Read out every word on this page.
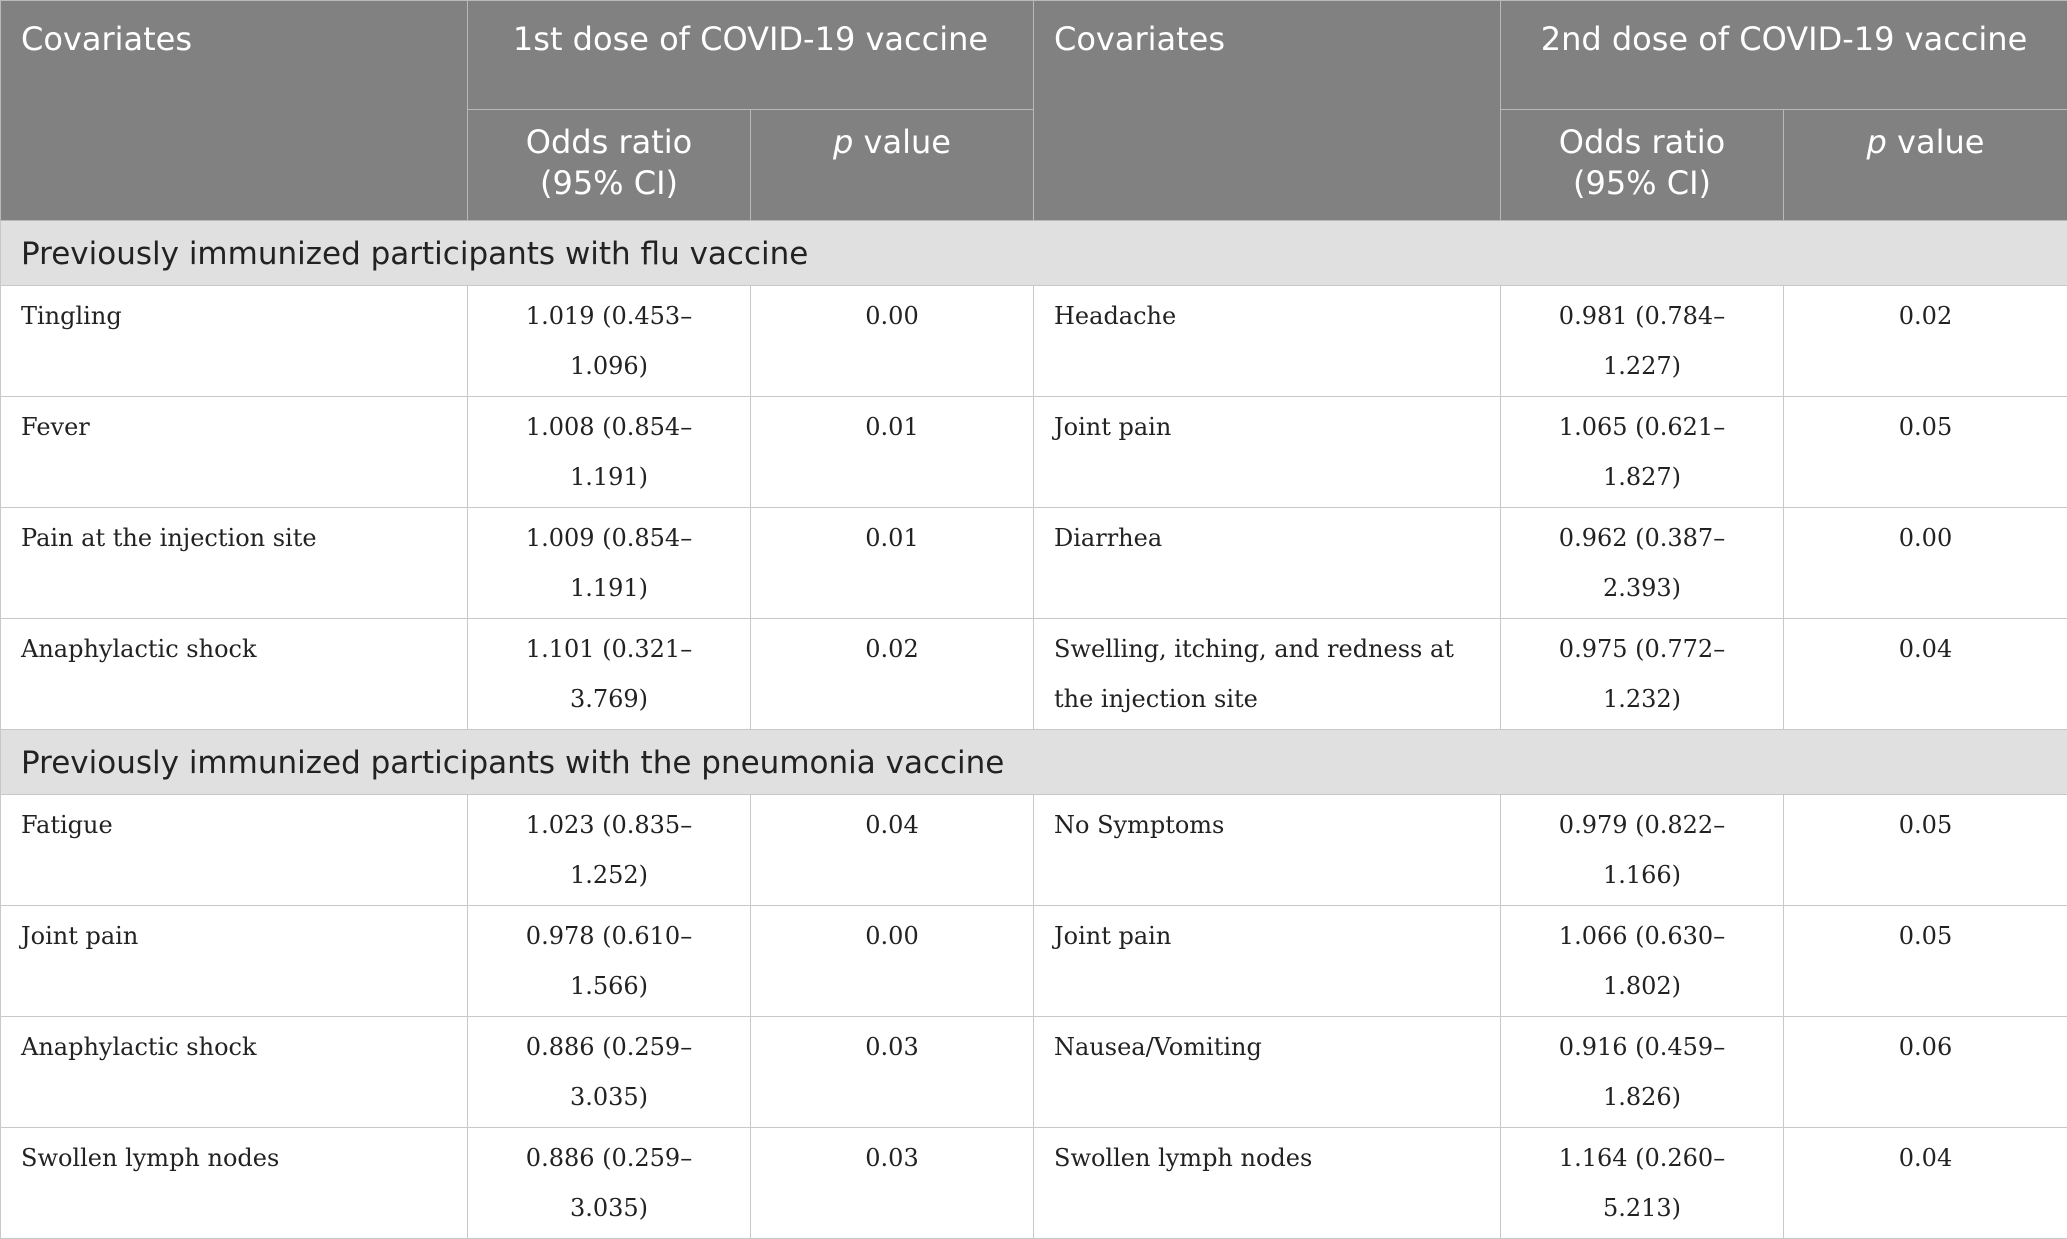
Covariates	1st dose of COVID-19 vaccine		Covariates	2nd dose of COVID-19 vaccine	
	Odds ratio (95% CI)	p value		Odds ratio (95% CI)	p value
Previously immunized participants with flu vaccine					
Tingling	1.019 (0.453–1.096)	0.00	Headache	0.981 (0.784–1.227)	0.02
Fever	1.008 (0.854–1.191)	0.01	Joint pain	1.065 (0.621–1.827)	0.05
Pain at the injection site	1.009 (0.854–1.191)	0.01	Diarrhea	0.962 (0.387–2.393)	0.00
Anaphylactic shock	1.101 (0.321–3.769)	0.02	Swelling, itching, and redness at the injection site	0.975 (0.772–1.232)	0.04
Previously immunized participants with the pneumonia vaccine					
Fatigue	1.023 (0.835–1.252)	0.04	No Symptoms	0.979 (0.822–1.166)	0.05
Joint pain	0.978 (0.610–1.566)	0.00	Joint pain	1.066 (0.630–1.802)	0.05
Anaphylactic shock	0.886 (0.259–3.035)	0.03	Nausea/Vomiting	0.916 (0.459–1.826)	0.06
Swollen lymph nodes	0.886 (0.259–3.035)	0.03	Swollen lymph nodes	1.164 (0.260–5.213)	0.04
